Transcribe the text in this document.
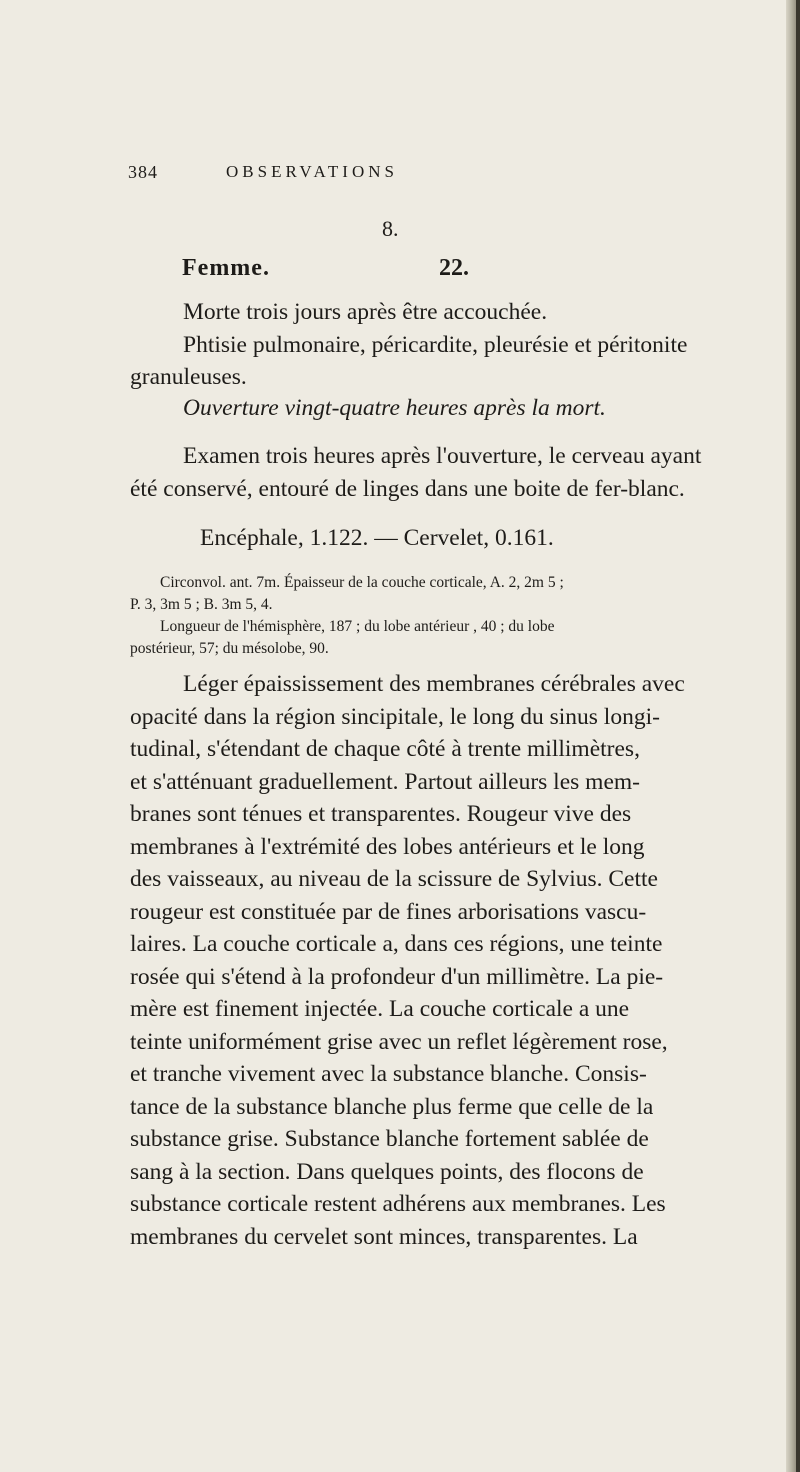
384	OBSERVATIONS
8.
Femme.	22.
Morte trois jours après être accouchée.
Phtisie pulmonaire, péricardite, pleurésie et péritonite
granuleuses.
Ouverture vingt-quatre heures après la mort.
Examen trois heures après l'ouverture, le cerveau ayant
été conservé, entouré de linges dans une boite de fer-blanc.
Encéphale, 1.122. — Cervelet, 0.161.
Circonvol. ant. 7m. Épaisseur de la couche corticale, A. 2, 2m 5 ;
P. 3, 3m 5 ; B. 3m 5, 4.
Longueur de l'hémisphère, 187 ; du lobe antérieur , 40 ; du lobe
postérieur, 57; du mésolobe, 90.
Léger épaississement des membranes cérébrales avec
opacité dans la région sincipitale, le long du sinus longi-
tudinal, s'étendant de chaque côté à trente millimètres,
et s'atténuant graduellement. Partout ailleurs les mem-
branes sont ténues et transparentes. Rougeur vive des
membranes à l'extrémité des lobes antérieurs et le long
des vaisseaux, au niveau de la scissure de Sylvius. Cette
rougeur est constituée par de fines arborisations vascu-
laires. La couche corticale a, dans ces régions, une teinte
rosée qui s'étend à la profondeur d'un millimètre. La pie-
mère est finement injectée. La couche corticale a une
teinte uniformément grise avec un reflet légèrement rose,
et tranche vivement avec la substance blanche. Consis-
tance de la substance blanche plus ferme que celle de la
substance grise. Substance blanche fortement sablée de
sang à la section. Dans quelques points, des flocons de
substance corticale restent adhérens aux membranes. Les
membranes du cervelet sont minces, transparentes. La
